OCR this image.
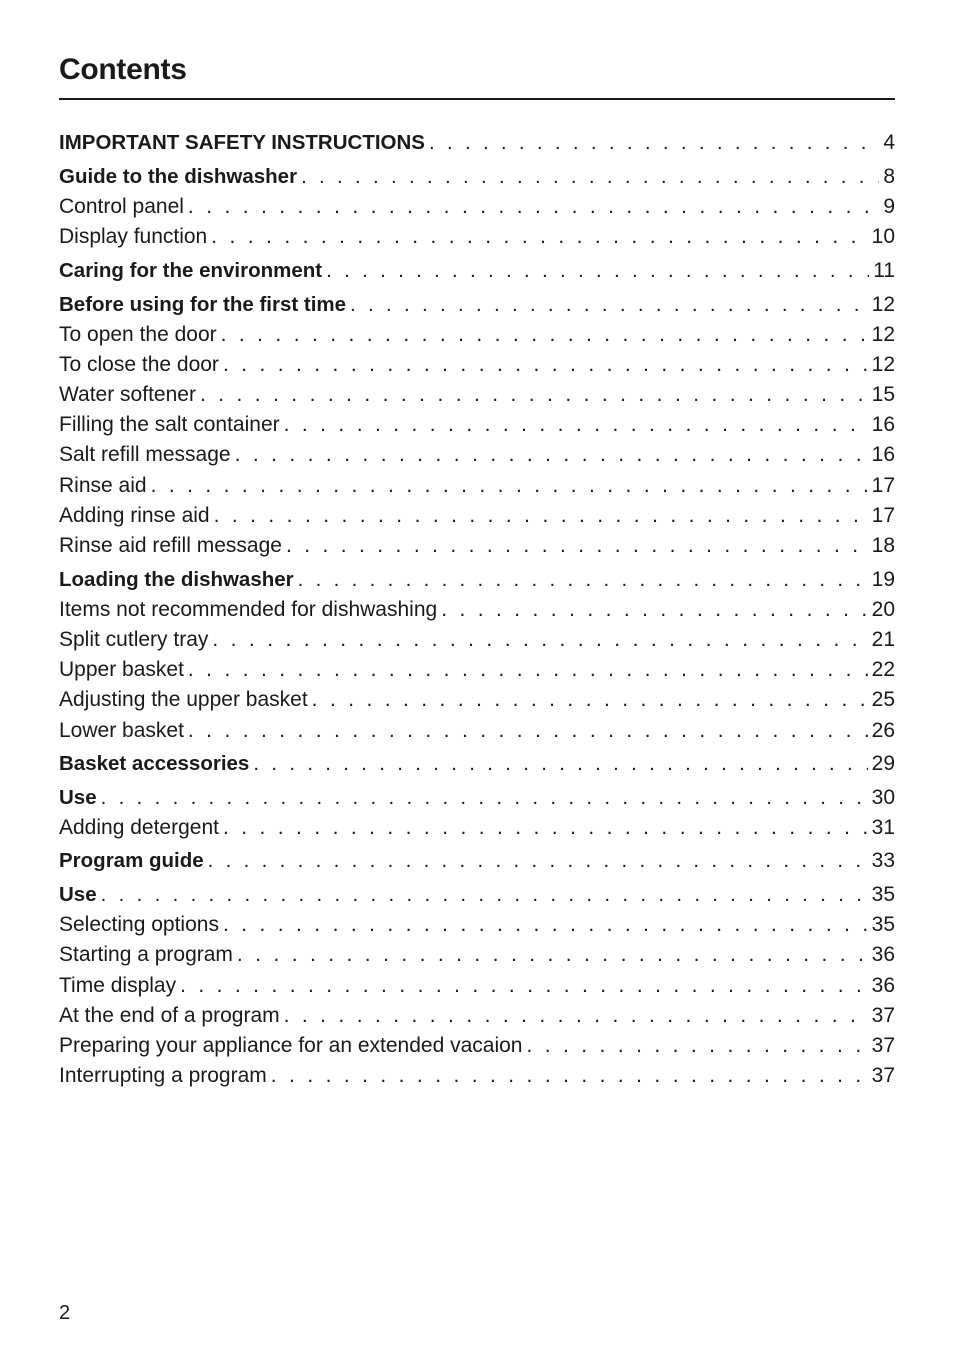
Contents
IMPORTANT SAFETY INSTRUCTIONS . . .	4
Guide to the dishwasher . . .	8
Control panel . . .	9
Display function . . .	10
Caring for the environment . . .	11
Before using for the first time . . .	12
To open the door . . .	12
To close the door . . .	12
Water softener . . .	15
Filling the salt container . . .	16
Salt refill message . . .	16
Rinse aid . . .	17
Adding rinse aid . . .	17
Rinse aid refill message . . .	18
Loading the dishwasher . . .	19
Items not recommended for dishwashing . . .	20
Split cutlery tray . . .	21
Upper basket . . .	22
Adjusting the upper basket . . .	25
Lower basket . . .	26
Basket accessories . . .	29
Use . . .	30
Adding detergent . . .	31
Program guide . . .	33
Use . . .	35
Selecting options . . .	35
Starting a program . . .	36
Time display . . .	36
At the end of a program . . .	37
Preparing your appliance for an extended vacaion . . .	37
Interrupting a program . . .	37
2
